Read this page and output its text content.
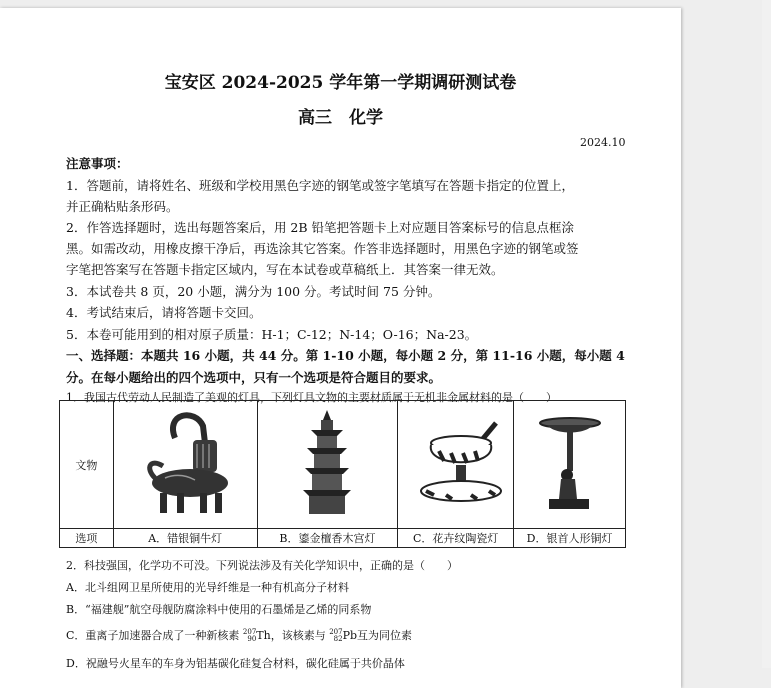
宝安区 2024-2025 学年第一学期调研测试卷
高三　化学
2024.10
注意事项：
1．答题前，请将姓名、班级和学校用黑色字迹的钢笔或签字笔填写在答题卡指定的位置上，
并正确粘贴条形码。
2．作答选择题时，选出每题答案后，用 2B 铅笔把答题卡上对应题目答案标号的信息点框涂
黑。如需改动，用橡皮擦干净后，再选涂其它答案。作答非选择题时，用黑色字迹的钢笔或签
字笔把答案写在答题卡指定区域内，写在本试卷或草稿纸上．其答案一律无效。
3．本试卷共 8 页，20 小题，满分为 100 分。考试时间 75 分钟。
4．考试结束后，请将答题卡交回。
5．本卷可能用到的相对原子质量：H-1；C-12；N-14；O-16；Na-23。
一、选择题：本题共 16 小题，共 44 分。第 1-10 小题，每小题 2 分，第 11-16 小题，每小题 4
分。在每小题给出的四个选项中，只有一个选项是符合题目的要求。
1．我国古代劳动人民制造了美观的灯具，下列灯具文物的主要材质属于无机非金属材料的是（　　）
文物				
选项	A．错银铜牛灯	B．鎏金檀香木宫灯	C．花卉纹陶瓷灯	D．银首人形铜灯
2．科技强国，化学功不可没。下列说法涉及有关化学知识中，正确的是（　　）
A．北斗组网卫星所使用的光导纤维是一种有机高分子材料
B．“福建舰”航空母舰防腐涂料中使用的石墨烯是乙烯的同系物
C．重离子加速器合成了一种新核素 207
90 Th，该核素与 207
82 Pb互为同位素
D．祝融号火星车的车身为铝基碳化硅复合材料，碳化硅属于共价晶体
